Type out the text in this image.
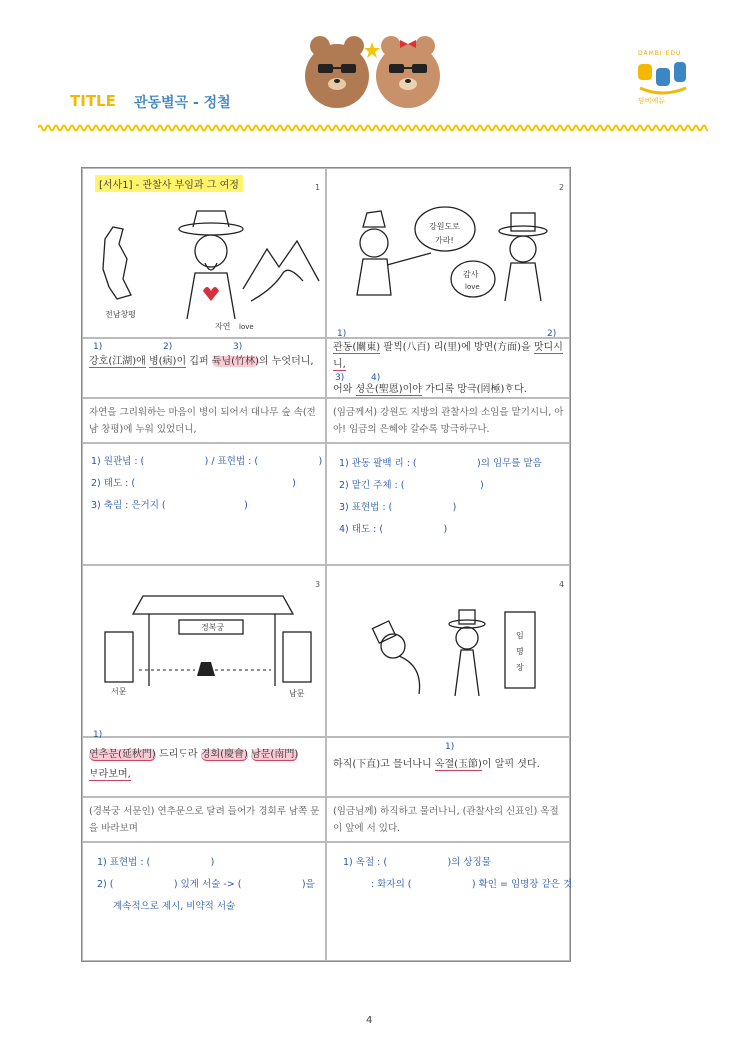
TITLE 관동별곡 - 정철
DAMBI EDU
담비에듀
[서사1] - 관찰사 부임과 그 여정	1
전남창평
자연 love
1)	2)	3)
강호(江湖)애 병(病)이 깁퍼 듁님(竹林)의 누엇더니,
자연을 그리워하는 마음이 병이 되어서 대나무 숲 속(전남 창평)에 누워 있었더니,
1) 원관념 : (                    ) / 표현법 : (                    )
2) 태도 : (                                                    )
3) 축림 : 은거지 (                          )
2
강원도로
가라!
감사
love
1)	2)
관동(關東) 팔ᄇᆡᆨ(八百) 리(里)에 방면(方面)을 맛디시니,
3)	4)
어와 셩은(聖恩)이야 가디록 망극(罔極)ᄒᆞ다.
(임금께서) 강원도 지방의 관찰사의 소임을 맡기시니, 아아! 임금의 은혜야 갈수록 망극하구나.
1) 관동 팔백 리 : (                    )의 임무를 맡음
2) 맡긴 주체 : (                         )
3) 표현법 : (                    )
4) 태도 : (                    )
3
경복궁
서문	남문
1)
연추문(延秋門) 드리ᄃᆞ라 경회(慶會) 남문(南門)
ᄇᆞ라보며,
(경복궁 서문인) 연추문으로 달려 들어가 경회루 남쪽 문을 바라보며
1) 표현법 : (                    )
2) (                    ) 있게 서술 -> (                    )을
계속적으로 제시, 비약적 서술
4
임
명
장
1)
하직(下直)고 믈너나니 옥졀(玉節)이 알ᄑᆡ 셧다.
(임금님께) 하직하고 물러나니, (관찰사의 신표인) 옥절이 앞에 서 있다.
1) 옥절 : (                    )의 상징물
: 화자의 (                    ) 확인 = 임명장 같은 것
4
